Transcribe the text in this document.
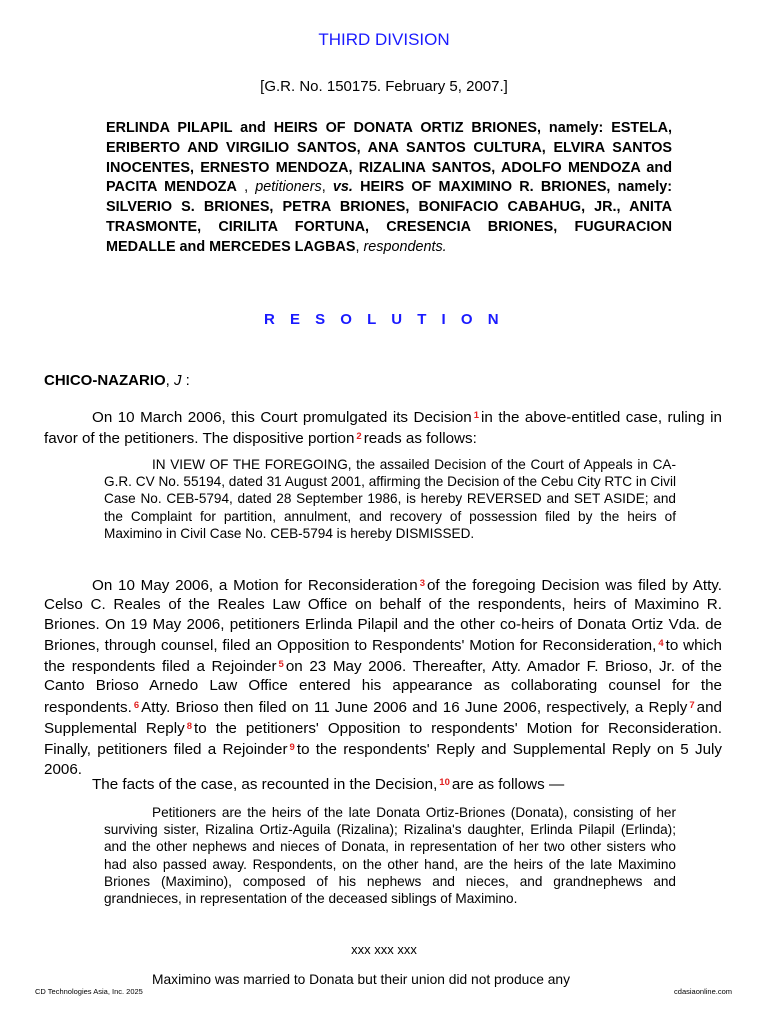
THIRD DIVISION
[G.R. No. 150175. February 5, 2007.]
ERLINDA PILAPIL and HEIRS OF DONATA ORTIZ BRIONES, namely: ESTELA, ERIBERTO AND VIRGILIO SANTOS, ANA SANTOS CULTURA, ELVIRA SANTOS INOCENTES, ERNESTO MENDOZA, RIZALINA SANTOS, ADOLFO MENDOZA and PACITA MENDOZA , petitioners, vs. HEIRS OF MAXIMINO R. BRIONES, namely: SILVERIO S. BRIONES, PETRA BRIONES, BONIFACIO CABAHUG, JR., ANITA TRASMONTE, CIRILITA FORTUNA, CRESENCIA BRIONES, FUGURACION MEDALLE and MERCEDES LAGBAS, respondents.
R E S O L U T I O N
CHICO-NAZARIO, J :
On 10 March 2006, this Court promulgated its Decision $^1$ in the above-entitled case, ruling in favor of the petitioners. The dispositive portion $^2$ reads as follows:
IN VIEW OF THE FOREGOING, the assailed Decision of the Court of Appeals in CA-G.R. CV No. 55194, dated 31 August 2001, affirming the Decision of the Cebu City RTC in Civil Case No. CEB-5794, dated 28 September 1986, is hereby REVERSED and SET ASIDE; and the Complaint for partition, annulment, and recovery of possession filed by the heirs of Maximino in Civil Case No. CEB-5794 is hereby DISMISSED.
On 10 May 2006, a Motion for Reconsideration $^3$ of the foregoing Decision was filed by Atty. Celso C. Reales of the Reales Law Office on behalf of the respondents, heirs of Maximino R. Briones. On 19 May 2006, petitioners Erlinda Pilapil and the other co-heirs of Donata Ortiz Vda. de Briones, through counsel, filed an Opposition to Respondents' Motion for Reconsideration, $^4$ to which the respondents filed a Rejoinder $^5$ on 23 May 2006. Thereafter, Atty. Amador F. Brioso, Jr. of the Canto Brioso Arnedo Law Office entered his appearance as collaborating counsel for the respondents. $^6$ Atty. Brioso then filed on 11 June 2006 and 16 June 2006, respectively, a Reply $^7$ and Supplemental Reply $^8$ to the petitioners' Opposition to respondents' Motion for Reconsideration. Finally, petitioners filed a Rejoinder $^9$ to the respondents' Reply and Supplemental Reply on 5 July 2006.
The facts of the case, as recounted in the Decision, $^{10}$ are as follows —
Petitioners are the heirs of the late Donata Ortiz-Briones (Donata), consisting of her surviving sister, Rizalina Ortiz-Aguila (Rizalina); Rizalina's daughter, Erlinda Pilapil (Erlinda); and the other nephews and nieces of Donata, in representation of her two other sisters who had also passed away. Respondents, on the other hand, are the heirs of the late Maximino Briones (Maximino), composed of his nephews and nieces, and grandnephews and grandnieces, in representation of the deceased siblings of Maximino.
xxx xxx xxx
Maximino was married to Donata but their union did not produce any
CD Technologies Asia, Inc. 2025	cdasiaonline.com
